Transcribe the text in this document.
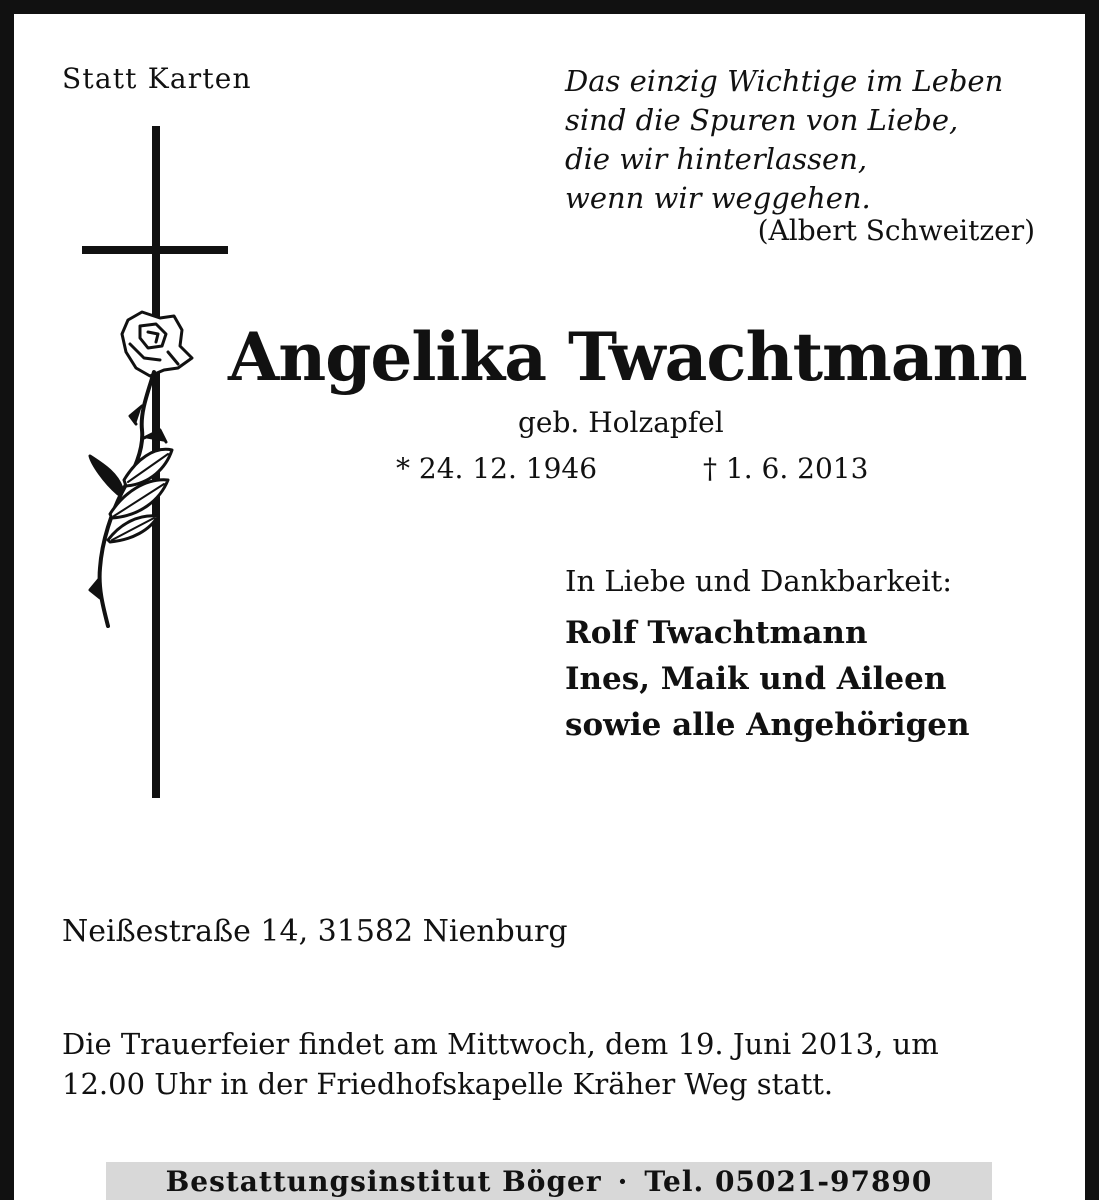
Statt Karten	Das einzig Wichtige im Leben
sind die Spuren von Liebe,
die wir hinterlassen,
wenn wir weggehen.
(Albert Schweitzer)
Angelika Twachtmann
geb. Holzapfel
* 24. 12. 1946	† 1. 6. 2013
In Liebe und Dankbarkeit:
Rolf Twachtmann
Ines, Maik und Aileen
sowie alle Angehörigen
Neißestraße 14, 31582 Nienburg
Die Trauerfeier findet am Mittwoch, dem 19. Juni 2013, um
12.00 Uhr in der Friedhofskapelle Kräher Weg statt.
Bestattungsinstitut Böger · Tel. 05021-97890
